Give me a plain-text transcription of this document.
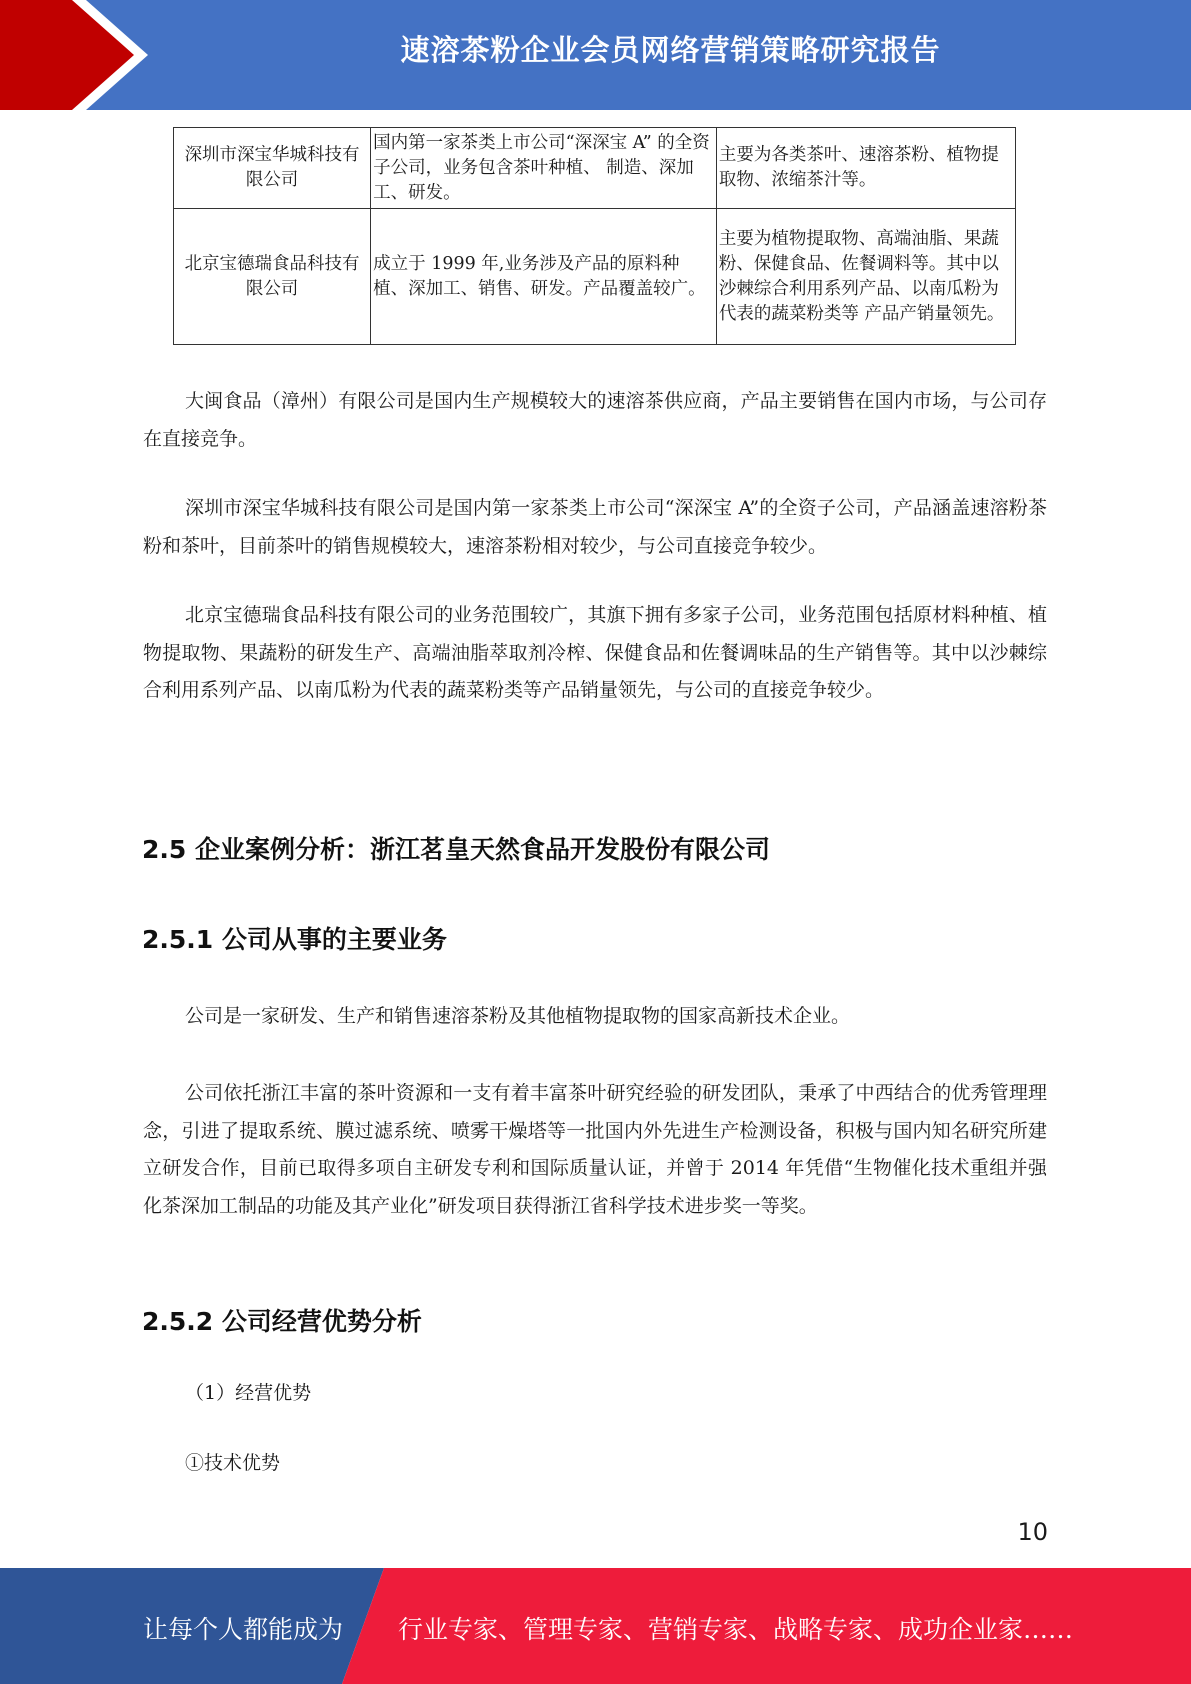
速溶茶粉企业会员网络营销策略研究报告
深圳市深宝华城科技有限公司	国内第一家茶类上市公司“深深宝 A” 的全资子公司，业务包含茶叶种植、 制造、深加工、研发。	主要为各类茶叶、速溶茶粉、植物提取物、浓缩茶汁等。
北京宝德瑞食品科技有限公司	成立于 1999 年,业务涉及产品的原料种植、深加工、销售、研发。产品覆盖较广。	主要为植物提取物、高端油脂、果蔬粉、保健食品、佐餐调料等。其中以沙棘综合利用系列产品、以南瓜粉为代表的蔬菜粉类等 产品产销量领先。
大闽食品（漳州）有限公司是国内生产规模较大的速溶茶供应商，产品主要销售在国内市场，与公司存在直接竞争。
深圳市深宝华城科技有限公司是国内第一家茶类上市公司“深深宝 A”的全资子公司，产品涵盖速溶粉茶粉和茶叶，目前茶叶的销售规模较大，速溶茶粉相对较少，与公司直接竞争较少。
北京宝德瑞食品科技有限公司的业务范围较广，其旗下拥有多家子公司，业务范围包括原材料种植、植物提取物、果蔬粉的研发生产、高端油脂萃取剂冷榨、保健食品和佐餐调味品的生产销售等。其中以沙棘综合利用系列产品、以南瓜粉为代表的蔬菜粉类等产品销量领先，与公司的直接竞争较少。
2.5 企业案例分析：浙江茗皇天然食品开发股份有限公司
2.5.1 公司从事的主要业务
公司是一家研发、生产和销售速溶茶粉及其他植物提取物的国家高新技术企业。
公司依托浙江丰富的茶叶资源和一支有着丰富茶叶研究经验的研发团队，秉承了中西结合的优秀管理理念，引进了提取系统、膜过滤系统、喷雾干燥塔等一批国内外先进生产检测设备，积极与国内知名研究所建立研发合作，目前已取得多项自主研发专利和国际质量认证，并曾于 2014 年凭借“生物催化技术重组并强化茶深加工制品的功能及其产业化”研发项目获得浙江省科学技术进步奖一等奖。
2.5.2 公司经营优势分析
（1）经营优势
①技术优势
10
让每个人都能成为 行业专家、管理专家、营销专家、战略专家、成功企业家……
